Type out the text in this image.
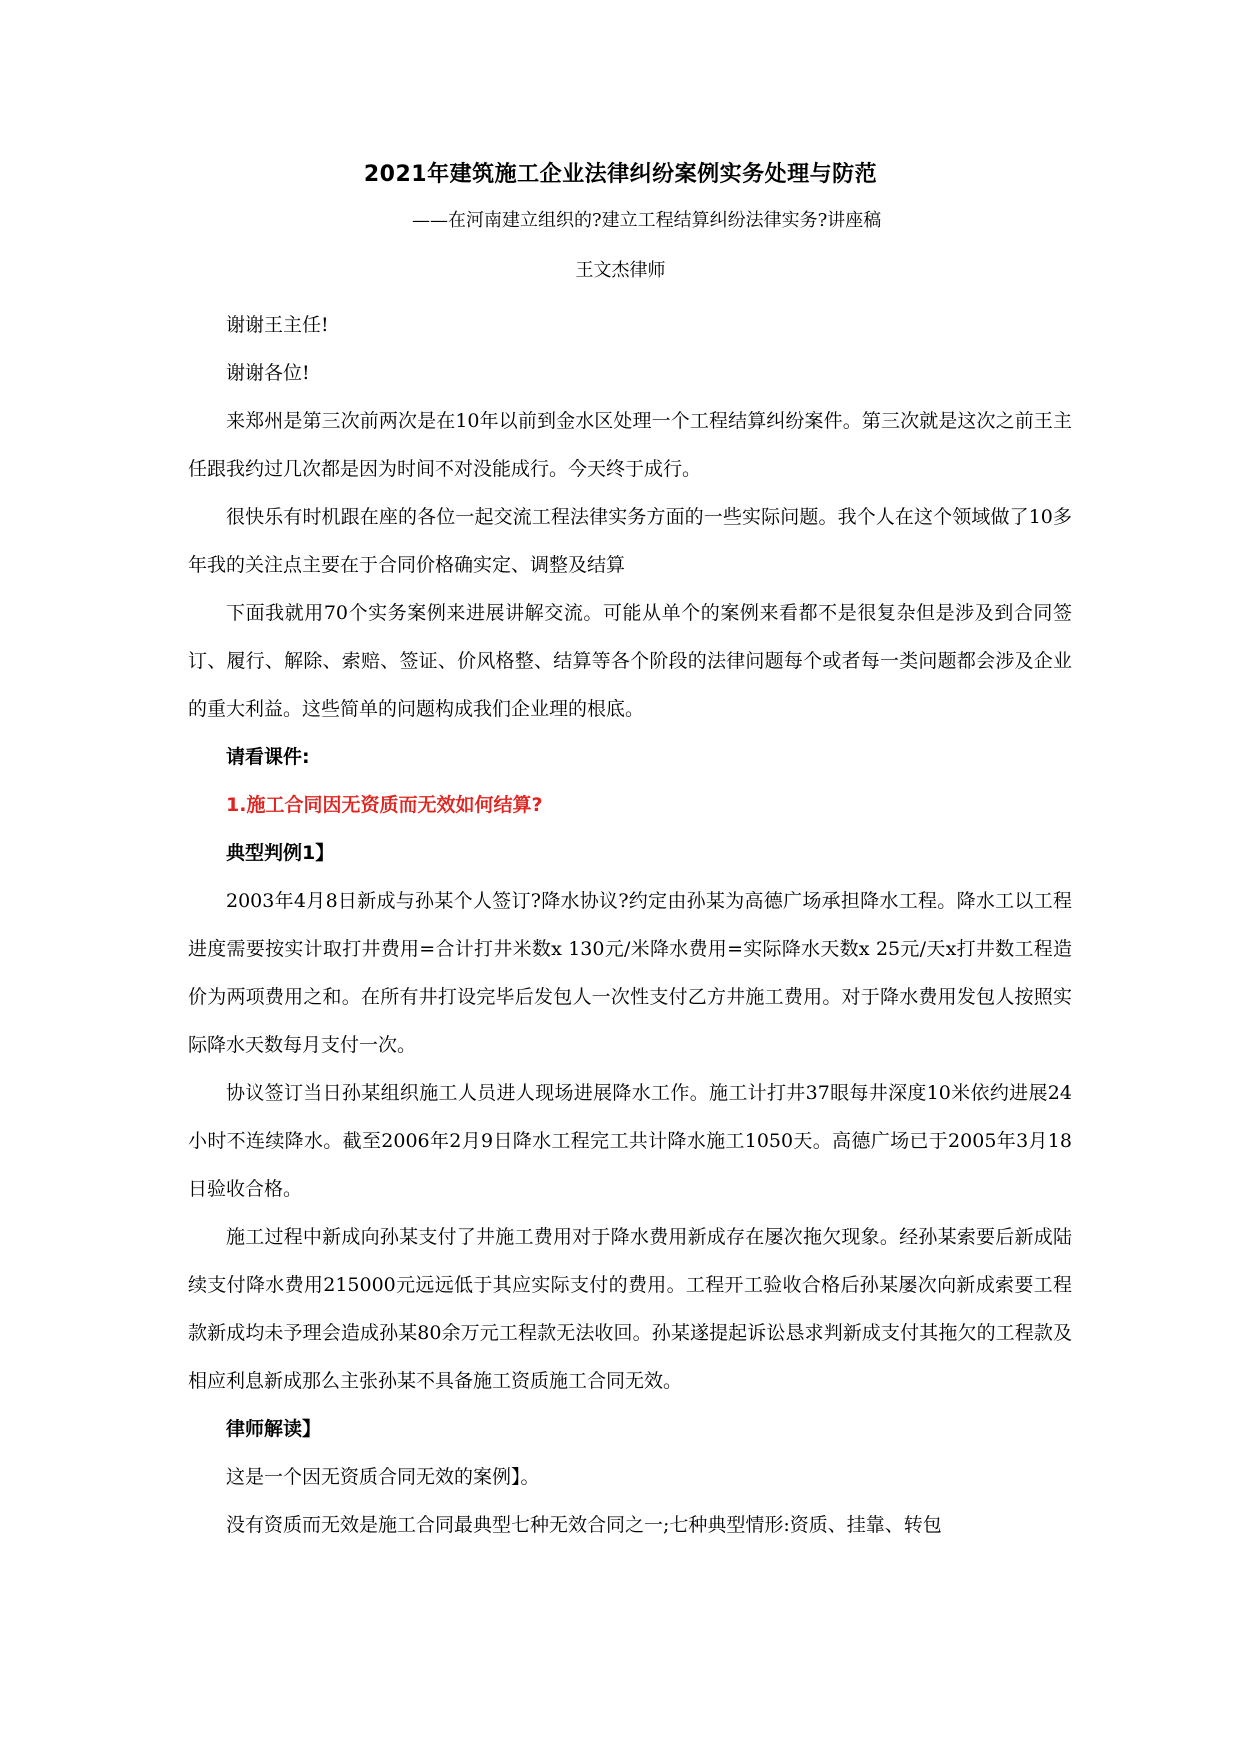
2021年建筑施工企业法律纠纷案例实务处理与防范
——在河南建立组织的?建立工程结算纠纷法律实务?讲座稿
王文杰律师

谢谢王主任!

谢谢各位!

来郑州是第三次前两次是在10年以前到金水区处理一个工程结算纠纷案件。第三次就是这次之前王主任跟我约过几次都是因为时间不对没能成行。今天终于成行。

很快乐有时机跟在座的各位一起交流工程法律实务方面的一些实际问题。我个人在这个领域做了10多年我的关注点主要在于合同价格确实定、调整及结算

下面我就用70个实务案例来进展讲解交流。可能从单个的案例来看都不是很复杂但是涉及到合同签订、履行、解除、索赔、签证、价风格整、结算等各个阶段的法律问题每个或者每一类问题都会涉及企业的重大利益。这些简单的问题构成我们企业理的根底。

请看课件:

1.施工合同因无资质而无效如何结算?

典型判例1】

2003年4月8日新成与孙某个人签订?降水协议?约定由孙某为高德广场承担降水工程。降水工以工程进度需要按实计取打井费用=合计打井米数x 130元/米降水费用=实际降水天数x 25元/天x打井数工程造价为两项费用之和。在所有井打设完毕后发包人一次性支付乙方井施工费用。对于降水费用发包人按照实际降水天数每月支付一次。

协议签订当日孙某组织施工人员进人现场进展降水工作。施工计打井37眼每井深度10米依约进展24小时不连续降水。截至2006年2月9日降水工程完工共计降水施工1050天。高德广场已于2005年3月18日验收合格。

施工过程中新成向孙某支付了井施工费用对于降水费用新成存在屡次拖欠现象。经孙某索要后新成陆续支付降水费用215000元远远低于其应实际支付的费用。工程开工验收合格后孙某屡次向新成索要工程款新成均未予理会造成孙某80余万元工程款无法收回。孙某遂提起诉讼恳求判新成支付其拖欠的工程款及相应利息新成那么主张孙某不具备施工资质施工合同无效。

律师解读】

这是一个因无资质合同无效的案例】。

没有资质而无效是施工合同最典型七种无效合同之一;七种典型情形:资质、挂靠、转包
